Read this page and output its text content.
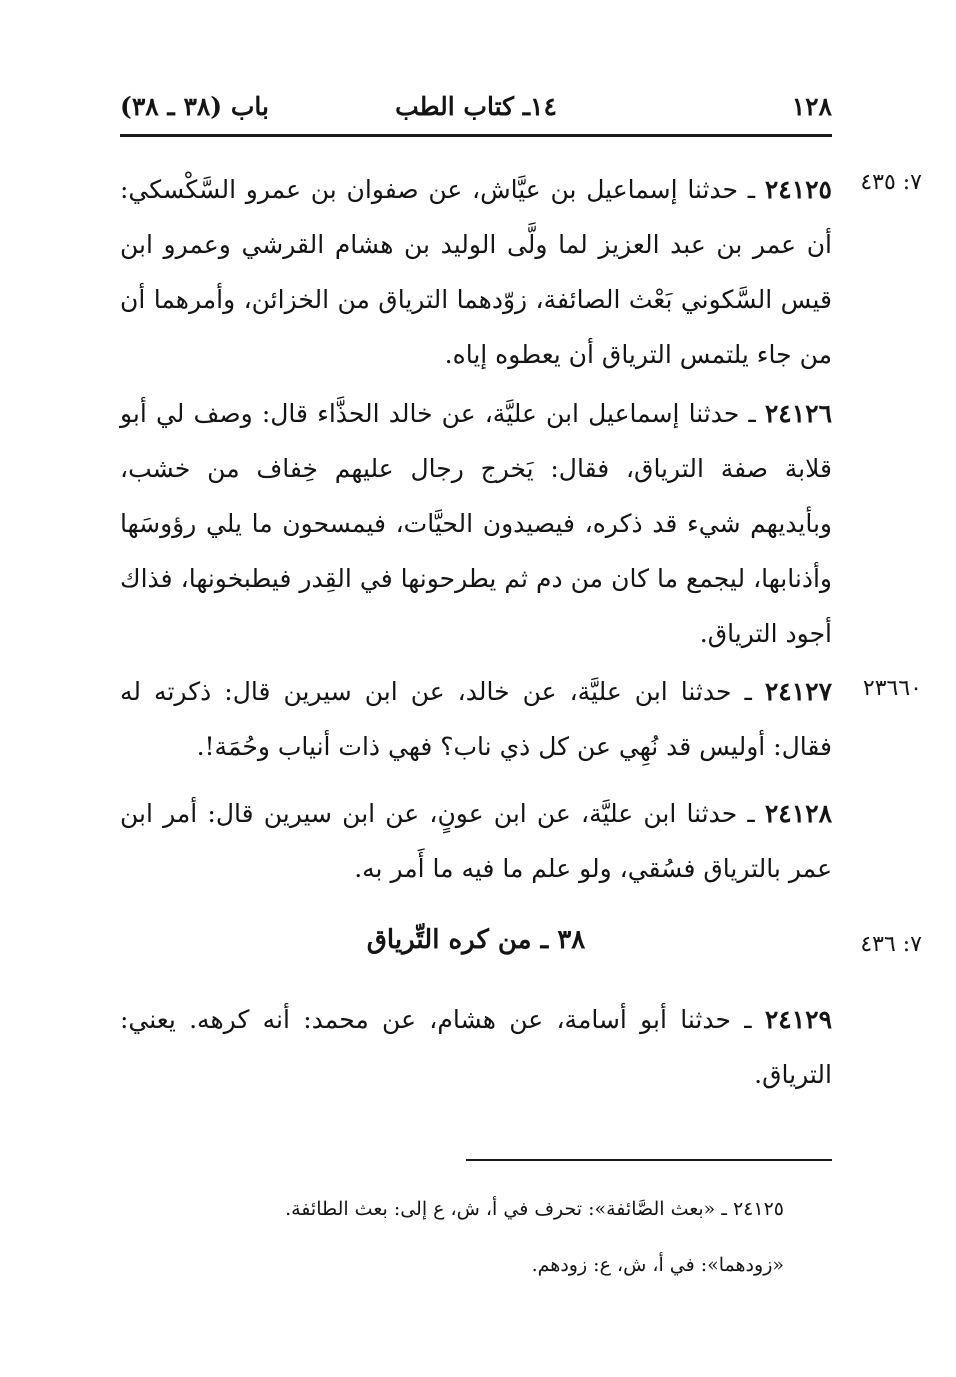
١٢٨
١٤ـ كتاب الطب
باب (٣٨ ـ ٣٨)
٧: ٤٣٥
٢٣٦٦٠
٧: ٤٣٦

٢٤١٢٥ ـ حدثنا إسماعيل بن عيَّاش، عن صفوان بن عمرو السَّكْسكي: أن عمر بن عبد العزيز لما ولَّى الوليد بن هشام القرشي وعمرو ابن قيس السَّكوني بَعْث الصائفة، زوّدهما الترياق من الخزائن، وأمرهما أن من جاء يلتمس الترياق أن يعطوه إياه.

٢٤١٢٦ ـ حدثنا إسماعيل ابن عليَّة، عن خالد الحذَّاء قال: وصف لي أبو قلابة صفة الترياق، فقال: يَخرج رجال عليهم خِفاف من خشب، وبأيديهم شيء قد ذكره، فيصيدون الحيَّات، فيمسحون ما يلي رؤوسَها وأذنابها، ليجمع ما كان من دم ثم يطرحونها في القِدر فيطبخونها، فذاك أجود الترياق.

٢٤١٢٧ ـ حدثنا ابن عليَّة، عن خالد، عن ابن سيرين قال: ذكرته له فقال: أوليس قد نُهِي عن كل ذي ناب؟ فهي ذات أنياب وحُمَة!.

٢٤١٢٨ ـ حدثنا ابن عليَّة، عن ابن عونٍ، عن ابن سيرين قال: أمر ابن عمر بالترياق فسُقي، ولو علم ما فيه ما أَمر به.

٣٨ ـ من كره التِّرياق

٢٤١٢٩ ـ حدثنا أبو أسامة، عن هشام، عن محمد: أنه كرهه. يعني: الترياق.

٢٤١٢٥ ـ «بعث الصَّائفة»: تحرف في أ، ش، ع إلى: بعث الطائفة.

«زودهما»: في أ، ش، ع: زودهم.
